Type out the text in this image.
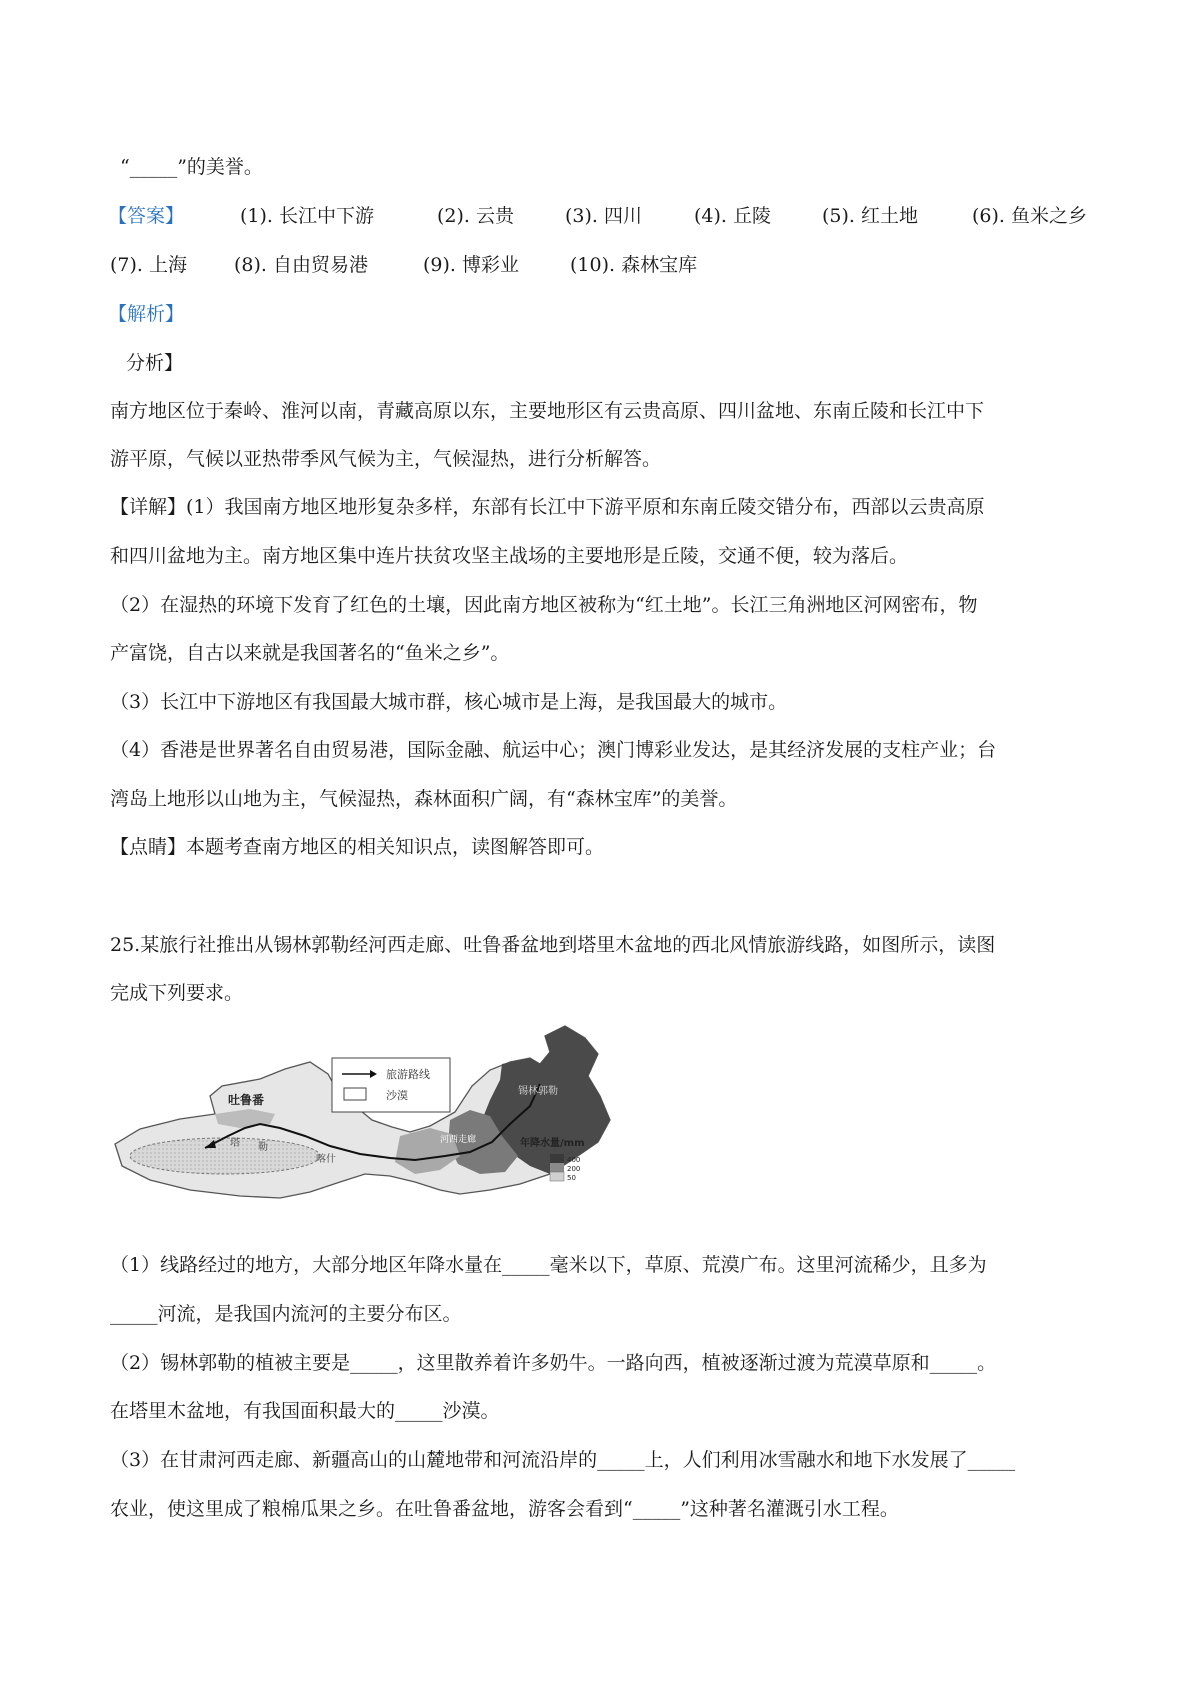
“_____”的美誉。
【答案】	(1). 长江中下游	(2). 云贵	(3). 四川	(4). 丘陵	(5). 红土地	(6). 鱼米之乡
(7). 上海 (8). 自由贸易港	(9). 博彩业	(10). 森林宝库
【解析】
分析】
南方地区位于秦岭、淮河以南，青藏高原以东，主要地形区有云贵高原、四川盆地、东南丘陵和长江中下
游平原，气候以亚热带季风气候为主，气候湿热，进行分析解答。
【详解】(1）我国南方地区地形复杂多样，东部有长江中下游平原和东南丘陵交错分布，西部以云贵高原
和四川盆地为主。南方地区集中连片扶贫攻坚主战场的主要地形是丘陵，交通不便，较为落后。
（2）在湿热的环境下发育了红色的土壤，因此南方地区被称为“红土地”。长江三角洲地区河网密布，物
产富饶，自古以来就是我国著名的“鱼米之乡”。
（3）长江中下游地区有我国最大城市群，核心城市是上海，是我国最大的城市。
（4）香港是世界著名自由贸易港，国际金融、航运中心；澳门博彩业发达，是其经济发展的支柱产业；台
湾岛上地形以山地为主，气候湿热，森林面积广阔，有“森林宝库”的美誉。
【点睛】本题考查南方地区的相关知识点，读图解答即可。
25.某旅行社推出从锡林郭勒经河西走廊、吐鲁番盆地到塔里木盆地的西北风情旅游线路，如图所示，读图
完成下列要求。
旅游路线
沙漠	锡林郭勒
吐鲁番
塔 勒
喀什
河西走廊	年降水量/mm
400
200
50
（1）线路经过的地方，大部分地区年降水量在_____毫米以下，草原、荒漠广布。这里河流稀少，且多为
_____河流，是我国内流河的主要分布区。
（2）锡林郭勒的植被主要是_____，这里散养着许多奶牛。一路向西，植被逐渐过渡为荒漠草原和_____。
在塔里木盆地，有我国面积最大的_____沙漠。
（3）在甘肃河西走廊、新疆高山的山麓地带和河流沿岸的_____上，人们利用冰雪融水和地下水发展了_____
农业，使这里成了粮棉瓜果之乡。在吐鲁番盆地，游客会看到“_____”这种著名灌溉引水工程。
